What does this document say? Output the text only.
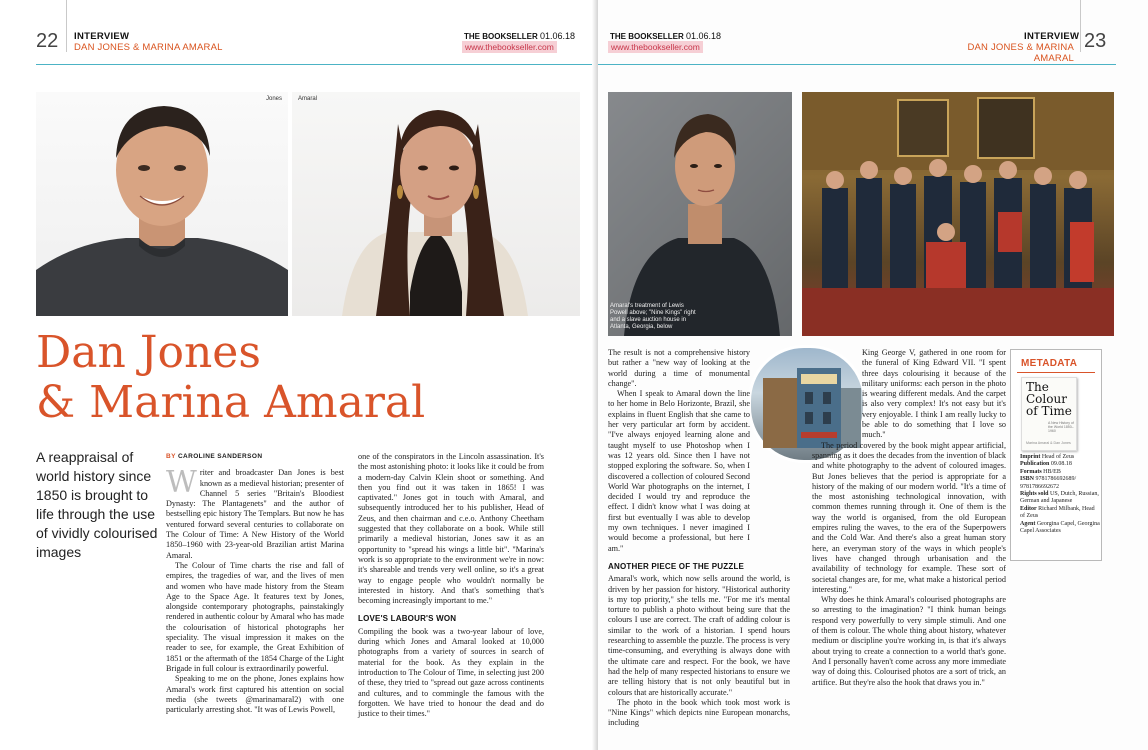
22 INTERVIEW
DAN JONES & MARINA AMARAL
THE BOOKSELLER 01.06.18
www.thebookseller.com
Jones	Amaral
Dan Jones
& Marina Amaral
A reappraisal of world history since 1850 is brought to life through the use of vividly colourised images
BY CAROLINE SANDERSON

Writer and broadcaster Dan Jones is best known as a medieval historian; presenter of Channel 5 series "Britain's Bloodiest Dynasty: The Plantagenets" and the author of bestselling epic history The Templars. But now he has ventured forward several centuries to collaborate on The Colour of Time: A New History of the World 1850–1960 with 23-year-old Brazilian artist Marina Amaral.

The Colour of Time charts the rise and fall of empires, the tragedies of war, and the lives of men and women who have made history from the Steam Age to the Space Age. It features text by Jones, alongside contemporary photographs, painstakingly rendered in authentic colour by Amaral who has made the colourisation of historical photographs her speciality. The visual impression it makes on the reader to see, for example, the Great Exhibition of 1851 or the aftermath of the 1854 Charge of the Light Brigade in full colour is extraordinarily powerful.

Speaking to me on the phone, Jones explains how Amaral's work first captured his attention on social media (she tweets @marinamaral2) with one particularly arresting shot. "It was of Lewis Powell,

one of the conspirators in the Lincoln assassination. It's the most astonishing photo: it looks like it could be from a modern-day Calvin Klein shoot or something. And then you find out it was taken in 1865! I was captivated." Jones got in touch with Amaral, and subsequently introduced her to his publisher, Head of Zeus, and then chairman and c.e.o. Anthony Cheetham suggested that they collaborate on a book. While still primarily a medieval historian, Jones saw it as an opportunity to "spread his wings a little bit". "Marina's work is so appropriate to the environment we're in now: it's shareable and trends very well online, so it's a great way to engage people who wouldn't normally be interested in history. And that's something that's becoming increasingly important to me."

LOVE'S LABOUR'S WON

Compiling the book was a two-year labour of love, during which Jones and Amaral looked at 10,000 photographs from a variety of sources in search of material for the book. As they explain in the introduction to The Colour of Time, in selecting just 200 of these, they tried to "spread out gaze across continents and cultures, and to commingle the famous with the forgotten. We have tried to honour the dead and do justice to their times."

THE BOOKSELLER 01.06.18
www.thebookseller.com
INTERVIEW
DAN JONES & MARINA AMARAL
23
Amaral's treatment of Lewis Powell above; "Nine Kings" right and a slave auction house in Atlanta, Georgia, below

The result is not a comprehensive history but rather a "new way of looking at the world during a time of monumental change".

When I speak to Amaral down the line to her home in Belo Horizonte, Brazil, she explains in fluent English that she came to her very particular art form by accident. "I've always enjoyed learning alone and taught myself to use Photoshop when I was 12 years old. Since then I have not stopped exploring the software. So, when I discovered a collection of coloured Second World War photographs on the internet, I decided I would try and reproduce the effect. I didn't know what I was doing at first but eventually I was able to develop my own techniques. I never imagined I would become a professional, but here I am."

ANOTHER PIECE OF THE PUZZLE

Amaral's work, which now sells around the world, is driven by her passion for history. "Historical authority is my top priority," she tells me. "For me it's mental torture to publish a photo without being sure that the colours I use are correct. The craft of adding colour is similar to the work of a historian. I spend hours researching to assemble the puzzle. The process is very time-consuming, and everything is always done with the ultimate care and respect. For the book, we have had the help of many respected historians to ensure we are telling history that is not only beautiful but in colours that are historically accurate."

The photo in the book which took most work is "Nine Kings" which depicts nine European monarchs, including

King George V, gathered in one room for the funeral of King Edward VII. "I spent three days colourising it because of the military uniforms: each person in the photo is wearing different medals. And the carpet is also very complex! It's not easy but it's very enjoyable. I think I am really lucky to be able to do something that I love so much."

The period covered by the book might appear artificial, spanning as it does the decades from the invention of black and white photography to the advent of coloured images. But Jones believes that the period is appropriate for a history of the making of our modern world. "It's a time of the most astonishing technological innovation, with common themes running through it. One of them is the way the world is organised, from the old European empires ruling the waves, to the era of the Superpowers and the Cold War. And there's also a great human story here, an everyman story of the ways in which people's lives have changed through urbanisation and the availability of technology for example. These sort of societal changes are, for me, what make a historical period interesting."

Why does he think Amaral's colourised photographs are so arresting to the imagination? "I think human beings respond very powerfully to very simple stimuli. And one of them is colour. The whole thing about history, whatever medium or discipline you're working in, is that it's always about trying to create a connection to a world that's gone. And I personally haven't come across any more immediate way of doing this. Colourised photos are a sort of trick, an artifice. But they're also the hook that draws you in."

METADATA
The Colour of Time
A New History of the World 1850–1960
Marina Amaral & Dan Jones
Imprint Head of Zeus
Publication 09.08.18
Formats HB/EB
ISBN 9781786692689/ 9781786692672
Rights sold US, Dutch, Russian, German and Japanese
Editor Richard Milbank, Head of Zeus
Agent Georgina Capel, Georgina Capel Associates
